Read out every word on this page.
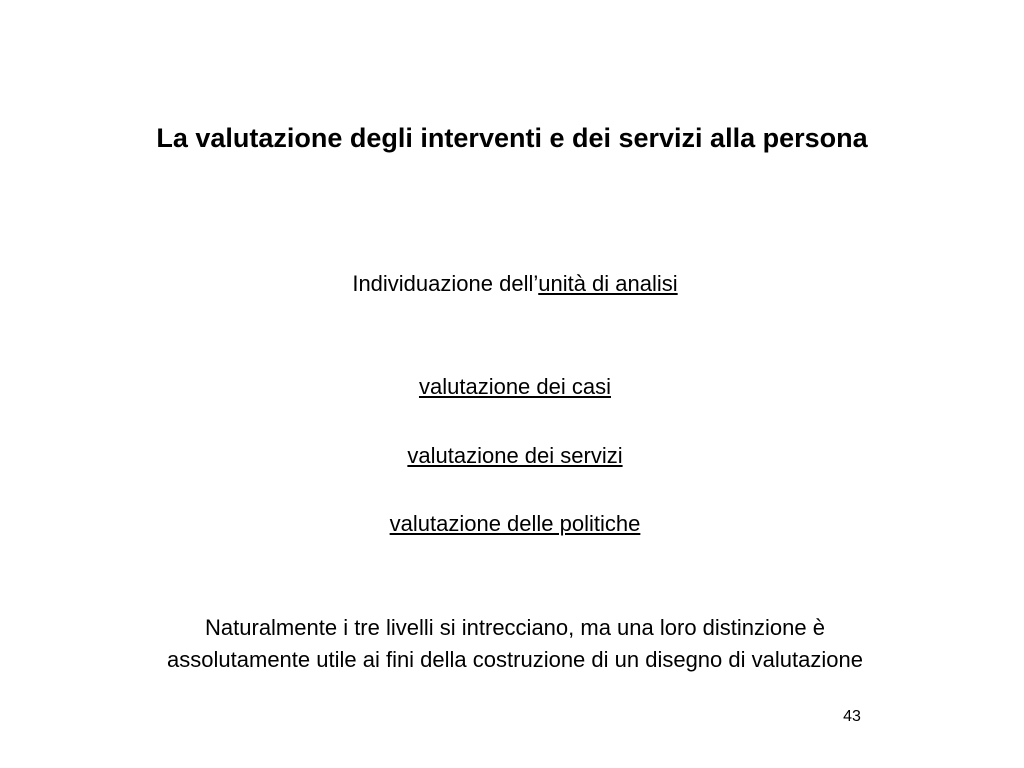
La valutazione degli interventi e dei servizi alla persona
Individuazione dell’unità di analisi
valutazione dei casi
valutazione dei servizi
valutazione delle politiche
Naturalmente i tre livelli si intrecciano, ma una loro distinzione è
assolutamente utile ai fini della costruzione di un disegno di valutazione
43
